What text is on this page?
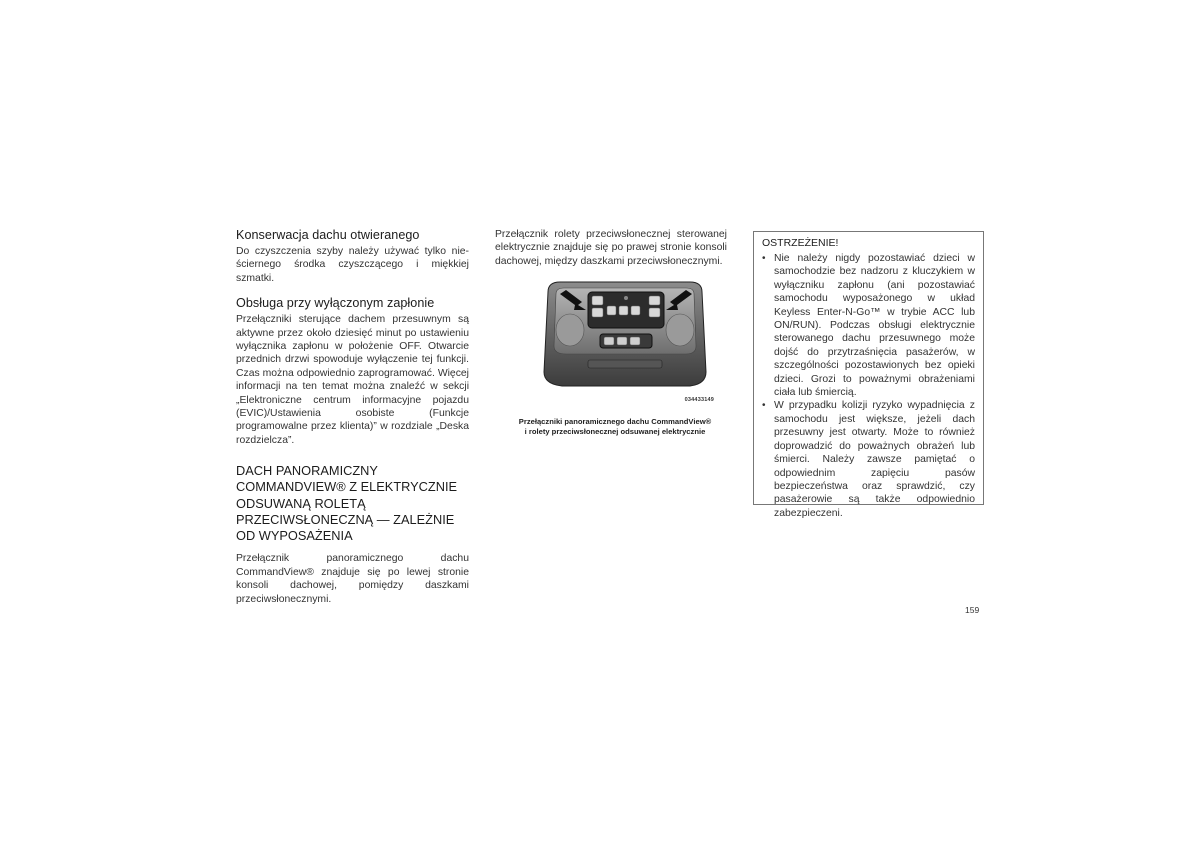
Konserwacja dachu otwieranego

Do czyszczenia szyby należy używać tylko nie-ściernego środka czyszczącego i miękkiej szmatki.

Obsługa przy wyłączonym zapłonie

Przełączniki sterujące dachem przesuwnym są aktywne przez około dziesięć minut po ustawieniu wyłącznika zapłonu w położenie OFF. Otwarcie przednich drzwi spowoduje wyłączenie tej funkcji. Czas można odpowiednio zaprogramować. Więcej informacji na ten temat można znaleźć w sekcji „Elektroniczne centrum informacyjne pojazdu (EVIC)/Ustawienia osobiste (Funkcje programowalne przez klienta)” w rozdziale „Deska rozdzielcza”.

DACH PANORAMICZNY COMMANDVIEW® Z ELEKTRYCZNIE ODSUWANĄ ROLETĄ PRZECIWSŁONECZNĄ — ZALEŻNIE OD WYPOSAŻENIA

Przełącznik panoramicznego dachu CommandView® znajduje się po lewej stronie konsoli dachowej, pomiędzy daszkami przeciwsłonecznymi.

Przełącznik rolety przeciwsłonecznej sterowanej elektrycznie znajduje się po prawej stronie konsoli dachowej, między daszkami przeciwsłonecznymi.

034433149
Przełączniki panoramicznego dachu CommandView®
i rolety przeciwsłonecznej odsuwanej elektrycznie
OSTRZEŻENIE!
• Nie należy nigdy pozostawiać dzieci w samochodzie bez nadzoru z kluczykiem w wyłączniku zapłonu (ani pozostawiać samochodu wyposażonego w układ Keyless Enter-N-Go™ w trybie ACC lub ON/RUN). Podczas obsługi elektrycznie sterowanego dachu przesuwnego może dojść do przytrzaśnięcia pasażerów, w szczególności pozostawionych bez opieki dzieci. Grozi to poważnymi obrażeniami ciała lub śmiercią.
• W przypadku kolizji ryzyko wypadnięcia z samochodu jest większe, jeżeli dach przesuwny jest otwarty. Może to również doprowadzić do poważnych obrażeń lub śmierci. Należy zawsze pamiętać o odpowiednim zapięciu pasów bezpieczeństwa oraz sprawdzić, czy pasażerowie są także odpowiednio zabezpieczeni.
159
